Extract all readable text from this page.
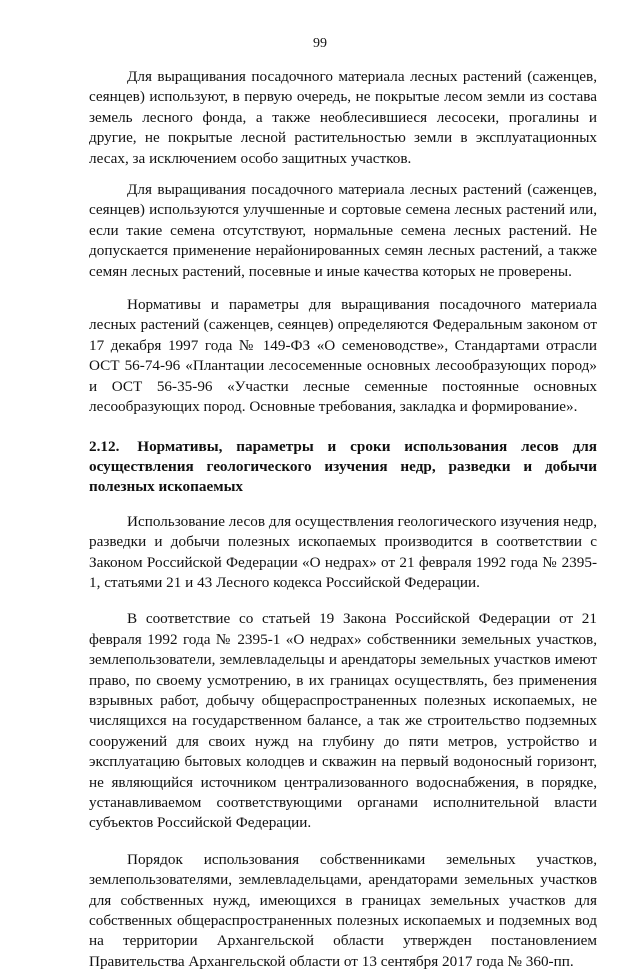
99

Для выращивания посадочного материала лесных растений (саженцев, сеянцев) используют, в первую очередь, не покрытые лесом земли из состава земель лесного фонда, а также необлесившиеся лесосеки, прогалины и другие, не покрытые лесной растительностью земли в эксплуатационных лесах, за исключением особо защитных участков.

Для выращивания посадочного материала лесных растений (саженцев, сеянцев) используются улучшенные и сортовые семена лесных растений или, если такие семена отсутствуют, нормальные семена лесных растений. Не допускается применение нерайонированных семян лесных растений, а также семян лесных растений, посевные и иные качества которых не проверены.

Нормативы и параметры для выращивания посадочного материала лесных растений (саженцев, сеянцев) определяются Федеральным законом от 17 декабря 1997 года № 149-ФЗ «О семеноводстве», Стандартами отрасли ОСТ 56-74-96 «Плантации лесосеменные основных лесообразующих пород» и ОСТ 56-35-96 «Участки лесные семенные постоянные основных лесообразующих пород. Основные требования, закладка и формирование».

2.12. Нормативы, параметры и сроки использования лесов для осуществления геологического изучения недр, разведки и добычи полезных ископаемых

Использование лесов для осуществления геологического изучения недр, разведки и добычи полезных ископаемых производится в соответствии с Законом Российской Федерации «О недрах» от 21 февраля 1992 года № 2395-1, статьями 21 и 43 Лесного кодекса Российской Федерации.

В соответствие со статьей 19 Закона Российской Федерации от 21 февраля 1992 года № 2395-1 «О недрах» собственники земельных участков, землепользователи, землевладельцы и арендаторы земельных участков имеют право, по своему усмотрению, в их границах осуществлять, без применения взрывных работ, добычу общераспространенных полезных ископаемых, не числящихся на государственном балансе, а так же строительство подземных сооружений для своих нужд на глубину до пяти метров, устройство и эксплуатацию бытовых колодцев и скважин на первый водоносный горизонт, не являющийся источником централизованного водоснабжения, в порядке, устанавливаемом соответствующими органами исполнительной власти субъектов Российской Федерации.

Порядок использования собственниками земельных участков, землепользователями, землевладельцами, арендаторами земельных участков для собственных нужд, имеющихся в границах земельных участков для собственных общераспространенных полезных ископаемых и подземных вод на территории Архангельской области утвержден постановлением Правительства Архангельской области от 13 сентября 2017 года № 360-пп.
